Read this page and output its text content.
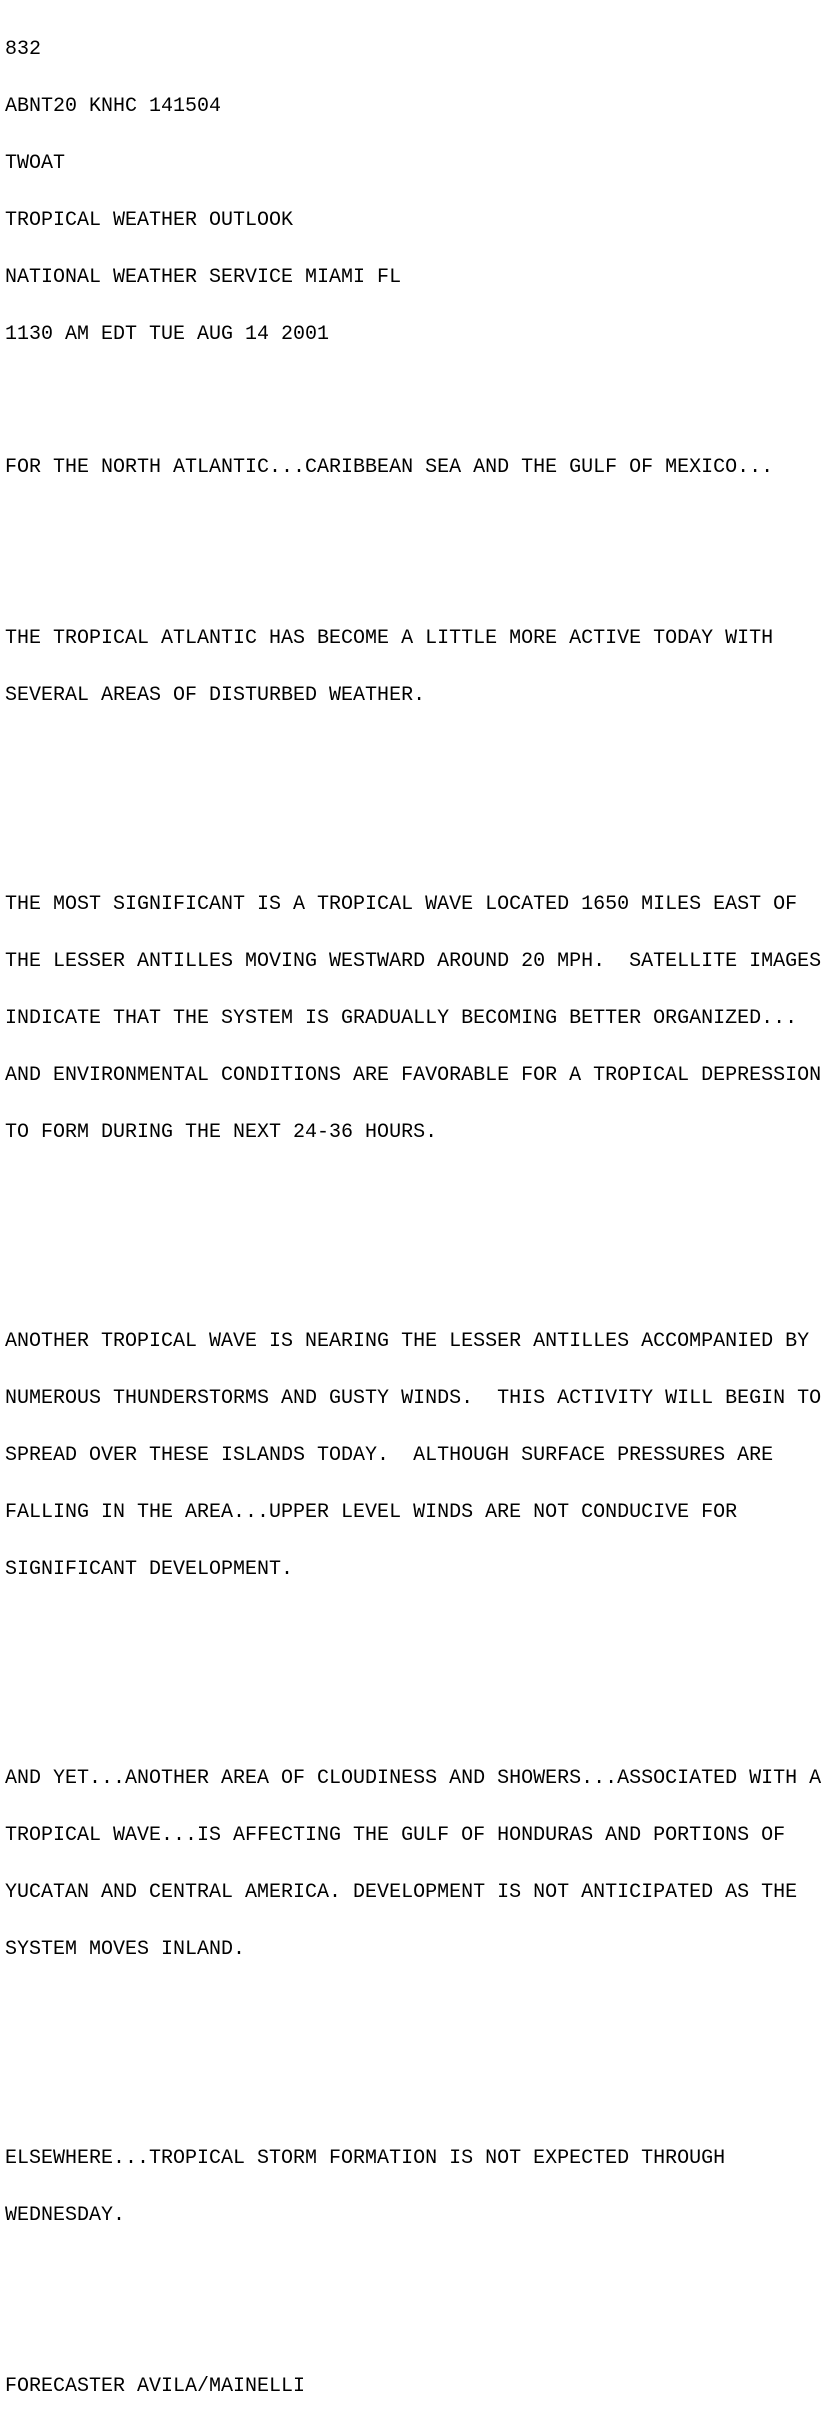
832

ABNT20 KNHC 141504

TWOAT

TROPICAL WEATHER OUTLOOK

NATIONAL WEATHER SERVICE MIAMI FL

1130 AM EDT TUE AUG 14 2001

FOR THE NORTH ATLANTIC...CARIBBEAN SEA AND THE GULF OF MEXICO...

THE TROPICAL ATLANTIC HAS BECOME A LITTLE MORE ACTIVE TODAY WITH

SEVERAL AREAS OF DISTURBED WEATHER.

THE MOST SIGNIFICANT IS A TROPICAL WAVE LOCATED 1650 MILES EAST OF

THE LESSER ANTILLES MOVING WESTWARD AROUND 20 MPH.  SATELLITE IMAGES

INDICATE THAT THE SYSTEM IS GRADUALLY BECOMING BETTER ORGANIZED...

AND ENVIRONMENTAL CONDITIONS ARE FAVORABLE FOR A TROPICAL DEPRESSION

TO FORM DURING THE NEXT 24-36 HOURS.

ANOTHER TROPICAL WAVE IS NEARING THE LESSER ANTILLES ACCOMPANIED BY

NUMEROUS THUNDERSTORMS AND GUSTY WINDS.  THIS ACTIVITY WILL BEGIN TO

SPREAD OVER THESE ISLANDS TODAY.  ALTHOUGH SURFACE PRESSURES ARE

FALLING IN THE AREA...UPPER LEVEL WINDS ARE NOT CONDUCIVE FOR

SIGNIFICANT DEVELOPMENT.

AND YET...ANOTHER AREA OF CLOUDINESS AND SHOWERS...ASSOCIATED WITH A

TROPICAL WAVE...IS AFFECTING THE GULF OF HONDURAS AND PORTIONS OF

YUCATAN AND CENTRAL AMERICA. DEVELOPMENT IS NOT ANTICIPATED AS THE

SYSTEM MOVES INLAND.

ELSEWHERE...TROPICAL STORM FORMATION IS NOT EXPECTED THROUGH

WEDNESDAY.

FORECASTER AVILA/MAINELLI
